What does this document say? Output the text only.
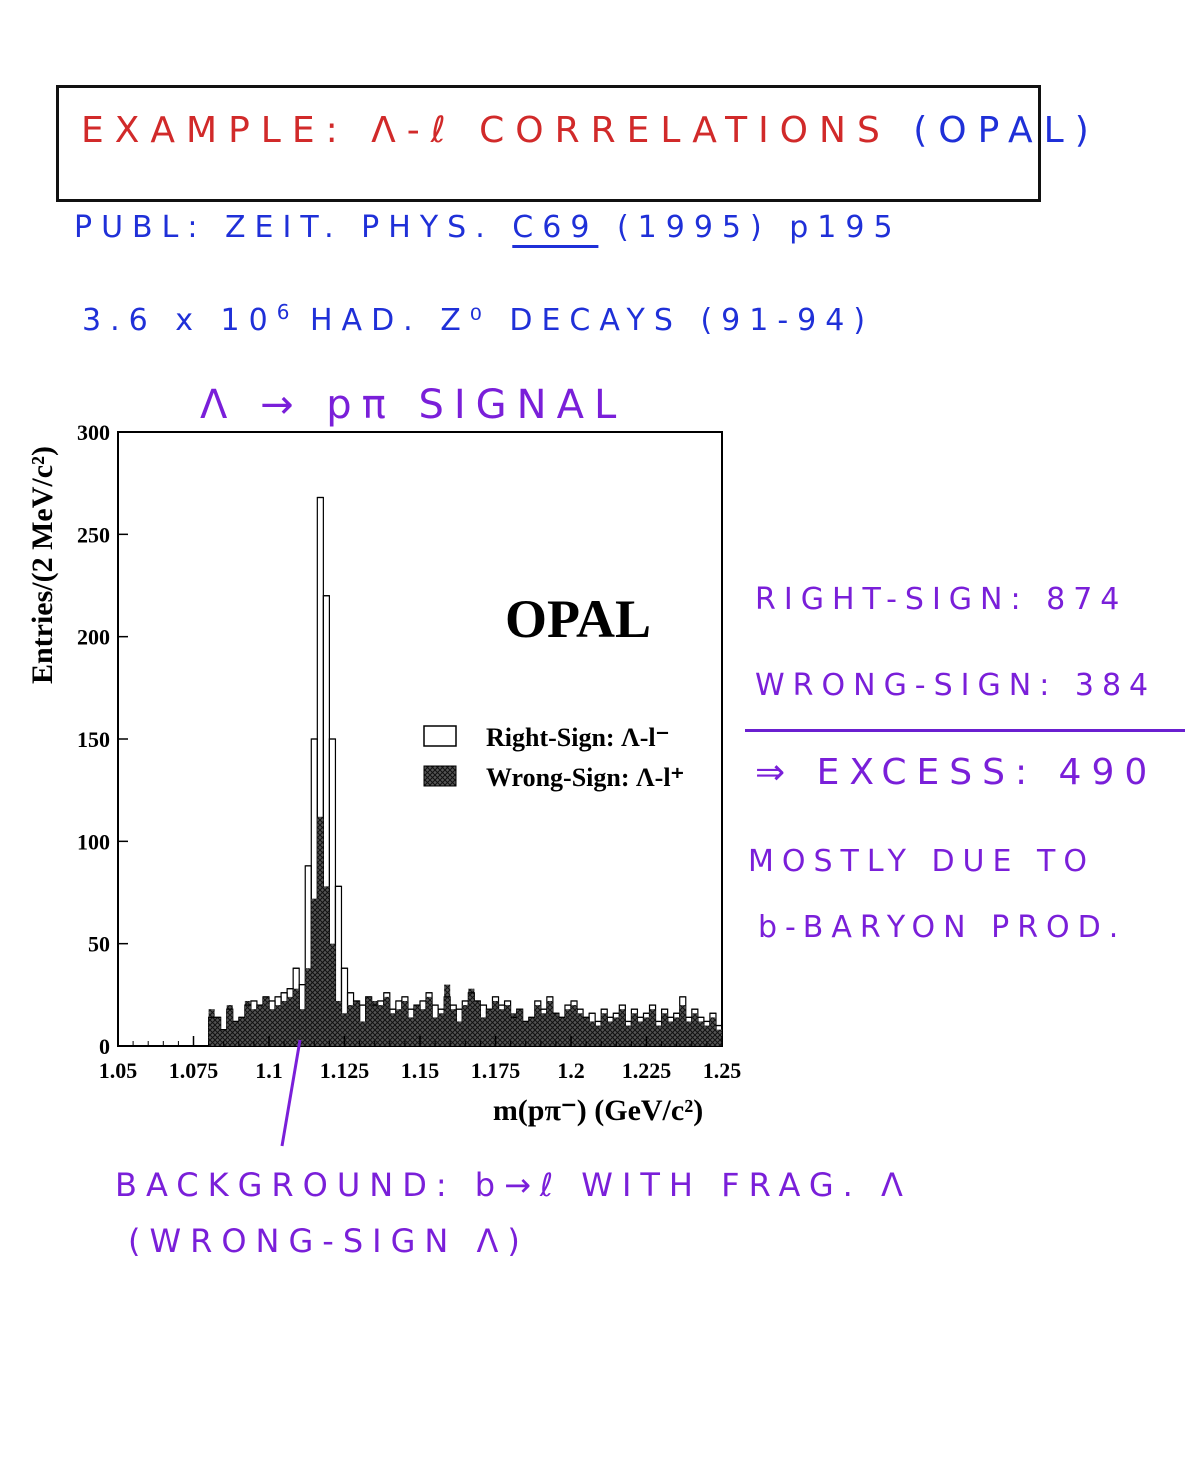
EXAMPLE: Λ-ℓ CORRELATIONS (OPAL)
PUBL: ZEIT. PHYS. C69 (1995) p195
3.6 x $10^6$ HAD. Z⁰ DECAYS (91-94)
Λ → pπ SIGNAL
RIGHT-SIGN: 874
WRONG-SIGN: 384
⇒ EXCESS: 490
MOSTLY DUE TO
b-BARYON PROD.
BACKGROUND: b→ℓ WITH FRAG. Λ
(WRONG-SIGN Λ)
1.05 1.075 1.1 1.125 1.15 1.175 1.2 1.225 1.25
0
50
100
150
200
250
300
m(pπ⁻) (GeV/c²)
Entries/(2 MeV/c²)
Right-Sign: Λ-l⁻
Wrong-Sign: Λ-l⁺
OPAL
